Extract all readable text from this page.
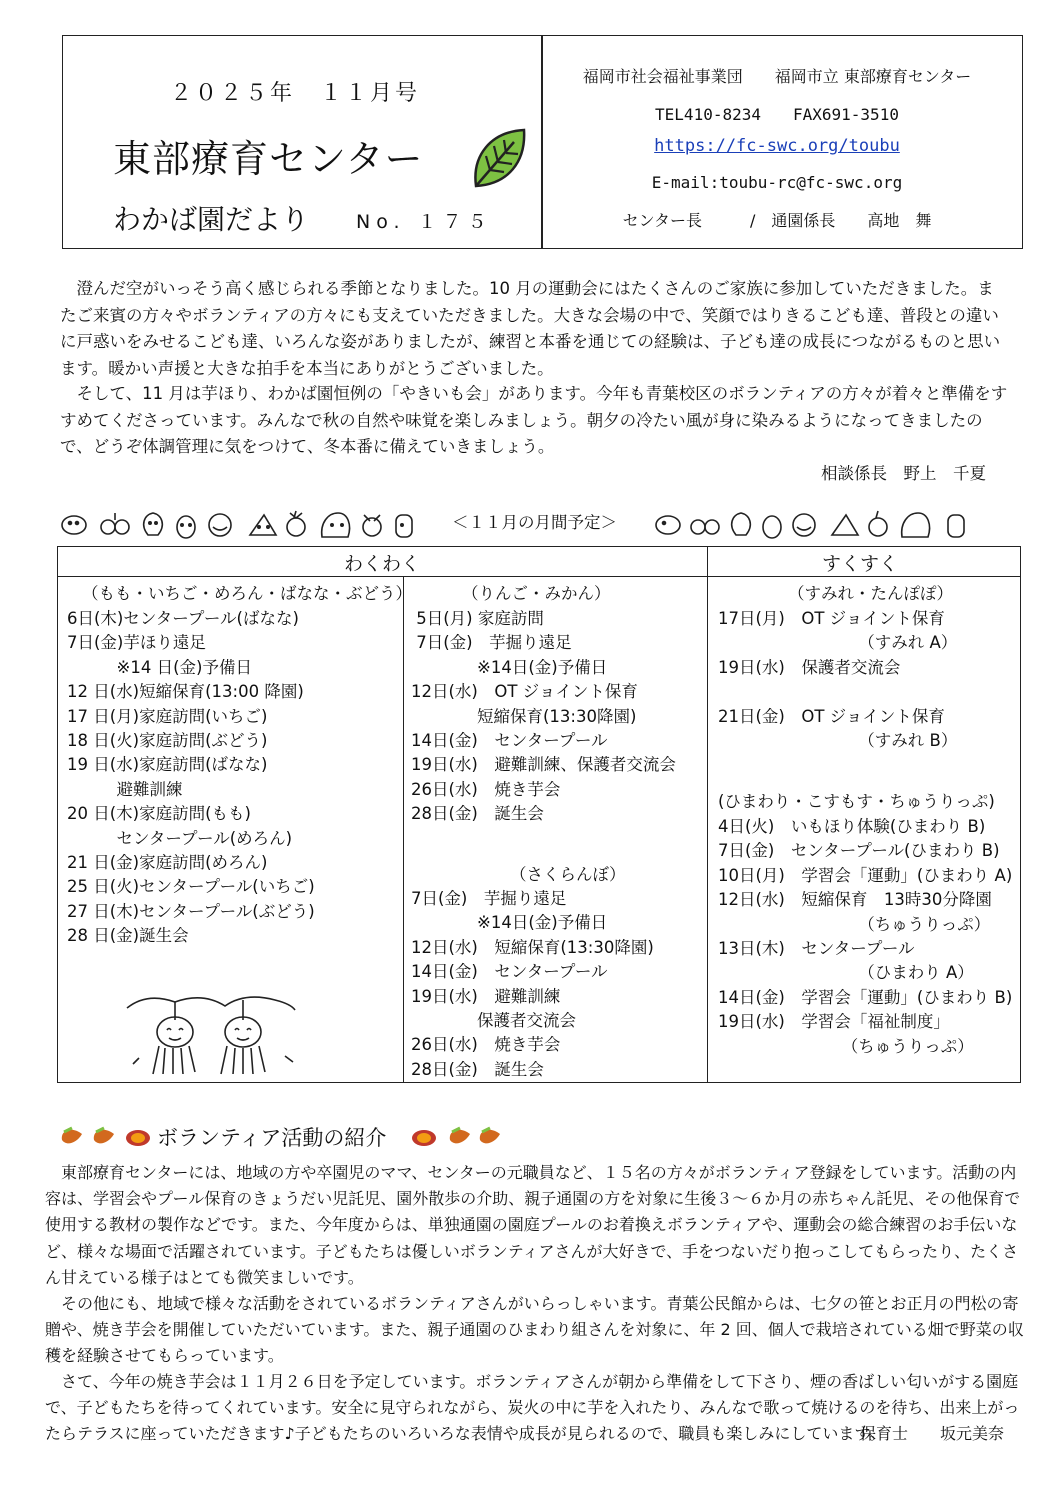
２０２５年　１１月号
東部療育センター
わかば園だより No. １７５
福岡市社会福祉事業団　　福岡市立 東部療育センター
TEL410-8234　　FAX691-3510
https://fc-swc.org/toubu
E-mail:toubu-rc@fc-swc.org
センター長　　　/　通園係長　　高地　舞
　澄んだ空がいっそう高く感じられる季節となりました。10 月の運動会にはたくさんのご家族に参加していただきました。またご来賓の方々やボランティアの方々にも支えていただきました。大きな会場の中で、笑顔ではりきるこども達、普段との違いに戸惑いをみせるこども達、いろんな姿がありましたが、練習と本番を通じての経験は、子ども達の成長につながるものと思います。暖かい声援と大きな拍手を本当にありがとうございました。
　そして、11 月は芋ほり、わかば園恒例の「やきいも会」があります。今年も青葉校区のボランティアの方々が着々と準備をすすめてくださっています。みんなで秋の自然や味覚を楽しみましょう。朝夕の冷たい風が身に染みるようになってきましたので、どうぞ体調管理に気をつけて、冬本番に備えていきましょう。
相談係長　野上　千夏
＜１１月の月間予定＞
わくわく	すくすく
（もも・いちご・めろん・ばなな・ぶどう）
6日(木)センタープール(ばなな)
7日(金)芋ほり遠足
　　　※14 日(金)予備日
12 日(水)短縮保育(13:00 降園)
17 日(月)家庭訪問(いちご)
18 日(火)家庭訪問(ぶどう)
19 日(水)家庭訪問(ばなな)
　　　避難訓練
20 日(木)家庭訪問(もも)
　　　センタープール(めろん)
21 日(金)家庭訪問(めろん)
25 日(火)センタープール(いちご)
27 日(木)センタープール(ぶどう)
28 日(金)誕生会
（りんご・みかん）
5日(月) 家庭訪問
7日(金)　芋掘り遠足
　　　　※14日(金)予備日
12日(水)　OT ジョイント保育
　　　　短縮保育(13:30降園)
14日(金)　センタープール
19日(水)　避難訓練、保護者交流会
26日(水)　焼き芋会
28日(金)　誕生会
（さくらんぼ）
7日(金)　芋掘り遠足
　　　　※14日(金)予備日
12日(水)　短縮保育(13:30降園)
14日(金)　センタープール
19日(水)　避難訓練
　　　　保護者交流会
26日(水)　焼き芋会
28日(金)　誕生会
（すみれ・たんぽぽ）
17日(月)　OT ジョイント保育
　　　　　　　　　（すみれ A）
19日(水)　保護者交流会

21日(金)　OT ジョイント保育
　　　　　　　　　（すみれ B）
(ひまわり・こすもす・ちゅうりっぷ)
4日(火)　いもほり体験(ひまわり B)
7日(金)　センタープール(ひまわり B)
10日(月)　学習会「運動」(ひまわり A)
12日(水)　短縮保育　13時30分降園
　　　　　　　　　（ちゅうりっぷ）
13日(木)　センタープール
　　　　　　　　　（ひまわり A）
14日(金)　学習会「運動」(ひまわり B)
19日(水)　学習会「福祉制度」
　　　　　　　　（ちゅうりっぷ）
ボランティア活動の紹介
　東部療育センターには、地域の方や卒園児のママ、センターの元職員など、１５名の方々がボランティア登録をしています。活動の内容は、学習会やプール保育のきょうだい児託児、園外散歩の介助、親子通園の方を対象に生後３～６か月の赤ちゃん託児、その他保育で使用する教材の製作などです。また、今年度からは、単独通園の園庭プールのお着換えボランティアや、運動会の総合練習のお手伝いなど、様々な場面で活躍されています。子どもたちは優しいボランティアさんが大好きで、手をつないだり抱っこしてもらったり、たくさん甘えている様子はとても微笑ましいです。
　その他にも、地域で様々な活動をされているボランティアさんがいらっしゃいます。青葉公民館からは、七夕の笹とお正月の門松の寄贈や、焼き芋会を開催していただいています。また、親子通園のひまわり組さんを対象に、年 2 回、個人で栽培されている畑で野菜の収穫を経験させてもらっています。
　さて、今年の焼き芋会は１１月２６日を予定しています。ボランティアさんが朝から準備をして下さり、煙の香ばしい匂いがする園庭で、子どもたちを待ってくれています。安全に見守られながら、炭火の中に芋を入れたり、みんなで歌って焼けるのを待ち、出来上がったらテラスに座っていただきます♪子どもたちのいろいろな表情や成長が見られるので、職員も楽しみにしています。
保育士　　坂元美奈
